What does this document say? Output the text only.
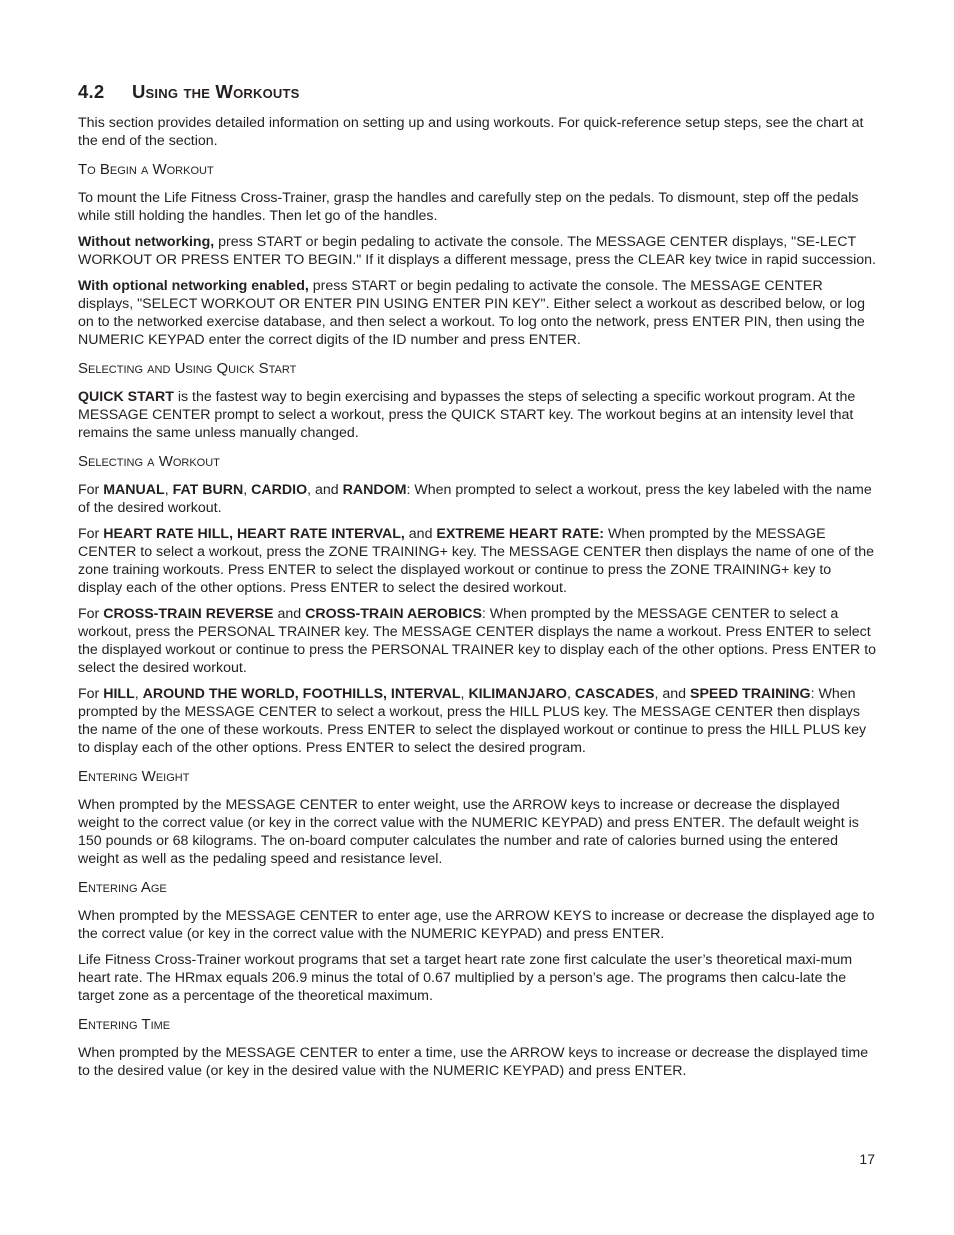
4.2 Using the Workouts

This section provides detailed information on setting up and using workouts. For quick-reference setup steps, see the chart at the end of the section.

To Begin a Workout

To mount the Life Fitness Cross-Trainer, grasp the handles and carefully step on the pedals. To dismount, step off the pedals while still holding the handles. Then let go of the handles.

Without networking, press START or begin pedaling to activate the console. The MESSAGE CENTER displays, "SE-LECT WORKOUT OR PRESS ENTER TO BEGIN." If it displays a different message, press the CLEAR key twice in rapid succession.

With optional networking enabled, press START or begin pedaling to activate the console. The MESSAGE CENTER displays, "SELECT WORKOUT OR ENTER PIN USING ENTER PIN KEY". Either select a workout as described below, or log on to the networked exercise database, and then select a workout. To log onto the network, press ENTER PIN, then using the NUMERIC KEYPAD enter the correct digits of the ID number and press ENTER.

Selecting and Using Quick Start

QUICK START is the fastest way to begin exercising and bypasses the steps of selecting a specific workout program. At the MESSAGE CENTER prompt to select a workout, press the QUICK START key. The workout begins at an intensity level that remains the same unless manually changed.

Selecting a Workout

For MANUAL, FAT BURN, CARDIO, and RANDOM: When prompted to select a workout, press the key labeled with the name of the desired workout.

For HEART RATE HILL, HEART RATE INTERVAL, and EXTREME HEART RATE: When prompted by the MESSAGE CENTER to select a workout, press the ZONE TRAINING+ key. The MESSAGE CENTER then displays the name of one of the zone training workouts. Press ENTER to select the displayed workout or continue to press the ZONE TRAINING+ key to display each of the other options. Press ENTER to select the desired workout.

For CROSS-TRAIN REVERSE and CROSS-TRAIN AEROBICS: When prompted by the MESSAGE CENTER to select a workout, press the PERSONAL TRAINER key. The MESSAGE CENTER displays the name a workout. Press ENTER to select the displayed workout or continue to press the PERSONAL TRAINER key to display each of the other options. Press ENTER to select the desired workout.

For HILL, AROUND THE WORLD, FOOTHILLS, INTERVAL, KILIMANJARO, CASCADES, and SPEED TRAINING: When prompted by the MESSAGE CENTER to select a workout, press the HILL PLUS key. The MESSAGE CENTER then displays the name of the one of these workouts. Press ENTER to select the displayed workout or continue to press the HILL PLUS key to display each of the other options. Press ENTER to select the desired program.

Entering Weight

When prompted by the MESSAGE CENTER to enter weight, use the ARROW keys to increase or decrease the displayed weight to the correct value (or key in the correct value with the NUMERIC KEYPAD) and press ENTER. The default weight is 150 pounds or 68 kilograms. The on-board computer calculates the number and rate of calories burned using the entered weight as well as the pedaling speed and resistance level.

Entering Age

When prompted by the MESSAGE CENTER to enter age, use the ARROW KEYS to increase or decrease the displayed age to the correct value (or key in the correct value with the NUMERIC KEYPAD) and press ENTER.

Life Fitness Cross-Trainer workout programs that set a target heart rate zone first calculate the user’s theoretical maxi-mum heart rate. The HRmax equals 206.9 minus the total of 0.67 multiplied by a person’s age. The programs then calcu-late the target zone as a percentage of the theoretical maximum.

Entering Time

When prompted by the MESSAGE CENTER to enter a time, use the ARROW keys to increase or decrease the displayed time to the desired value (or key in the desired value with the NUMERIC KEYPAD) and press ENTER.

17
